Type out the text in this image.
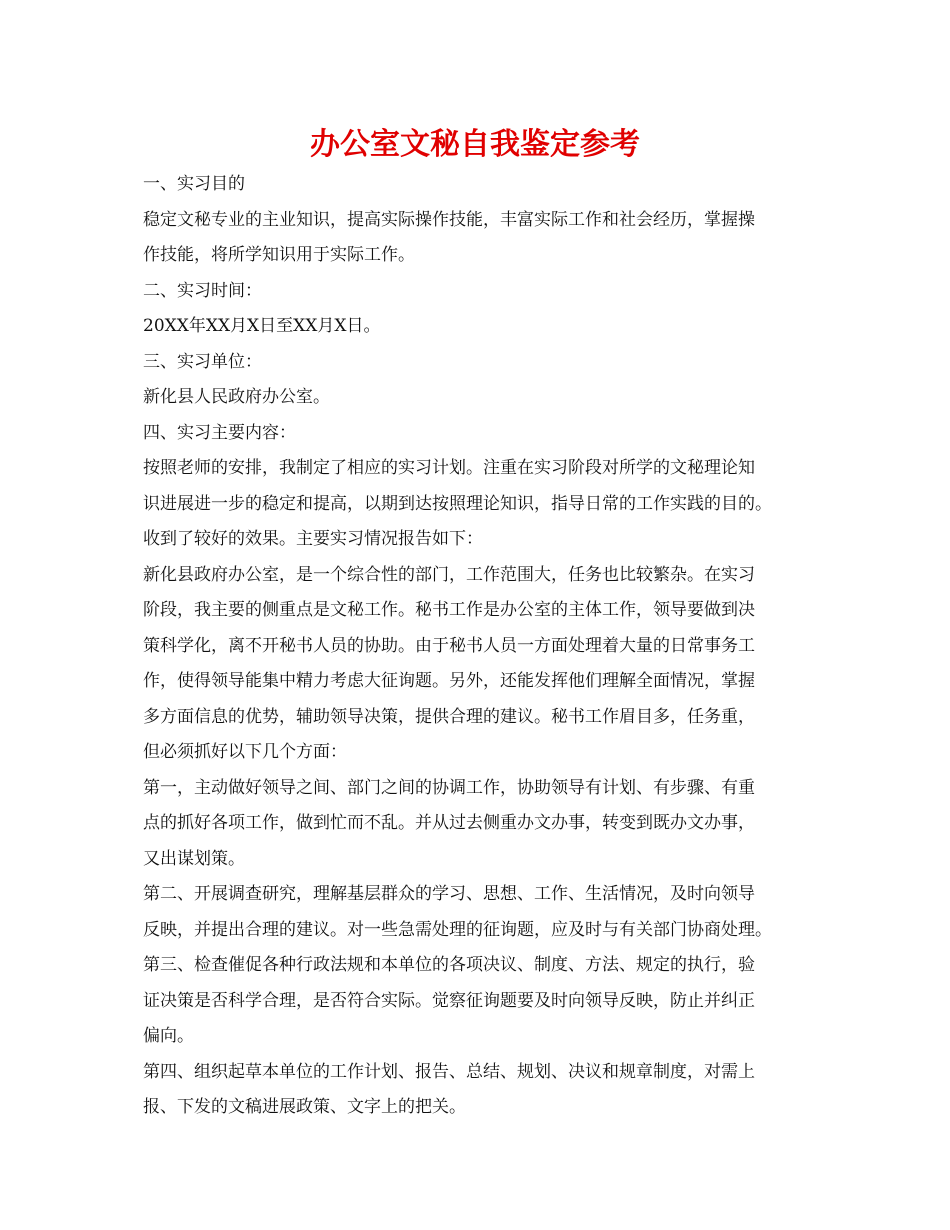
办公室文秘自我鉴定参考
一、实习目的
稳定文秘专业的主业知识，提高实际操作技能，丰富实际工作和社会经历，掌握操
作技能，将所学知识用于实际工作。
二、实习时间：
20XX年XX月X日至XX月X日。
三、实习单位：
新化县人民政府办公室。
四、实习主要内容：
按照老师的安排，我制定了相应的实习计划。注重在实习阶段对所学的文秘理论知
识进展进一步的稳定和提高，以期到达按照理论知识，指导日常的工作实践的目的。
收到了较好的效果。主要实习情况报告如下：
新化县政府办公室，是一个综合性的部门，工作范围大，任务也比较繁杂。在实习
阶段，我主要的侧重点是文秘工作。秘书工作是办公室的主体工作，领导要做到决
策科学化，离不开秘书人员的协助。由于秘书人员一方面处理着大量的日常事务工
作，使得领导能集中精力考虑大征询题。另外，还能发挥他们理解全面情况，掌握
多方面信息的优势，辅助领导决策，提供合理的建议。秘书工作眉目多，任务重，
但必须抓好以下几个方面：
第一，主动做好领导之间、部门之间的协调工作，协助领导有计划、有步骤、有重
点的抓好各项工作，做到忙而不乱。并从过去侧重办文办事，转变到既办文办事，
又出谋划策。
第二、开展调查研究，理解基层群众的学习、思想、工作、生活情况，及时向领导
反映，并提出合理的建议。对一些急需处理的征询题，应及时与有关部门协商处理。
第三、检查催促各种行政法规和本单位的各项决议、制度、方法、规定的执行，验
证决策是否科学合理，是否符合实际。觉察征询题要及时向领导反映，防止并纠正
偏向。
第四、组织起草本单位的工作计划、报告、总结、规划、决议和规章制度，对需上
报、下发的文稿进展政策、文字上的把关。
